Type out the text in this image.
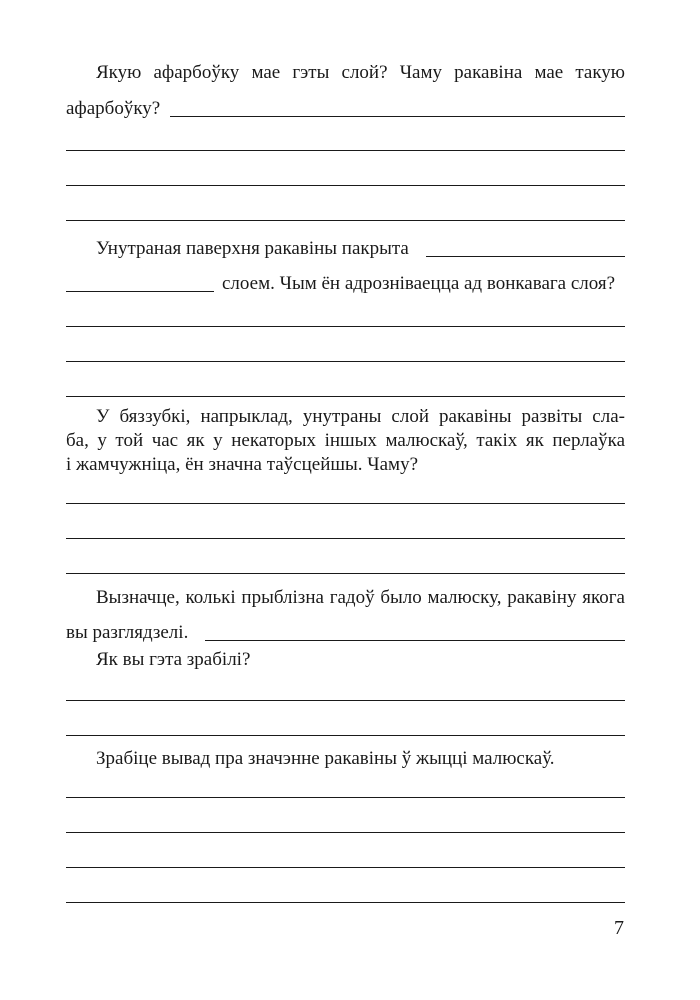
Якую афарбоўку мае гэты слой? Чаму ракавіна мае такую
афарбоўку?
Унутраная паверхня ракавіны пакрыта
слоем. Чым ён адрозніваецца ад вонкавага слоя?
У бяззубкі, напрыклад, унутраны слой ракавіны развіты сла-
ба, у той час як у некаторых іншых малюскаў, такіх як перлаўка
і жамчужніца, ён значна таўсцейшы. Чаму?
Вызначце, колькі прыблізна гадоў было малюску, ракавіну якога
вы разглядзелі.
Як вы гэта зрабілі?
Зрабіце вывад пра значэнне ракавіны ў жыцці малюскаў.
7
